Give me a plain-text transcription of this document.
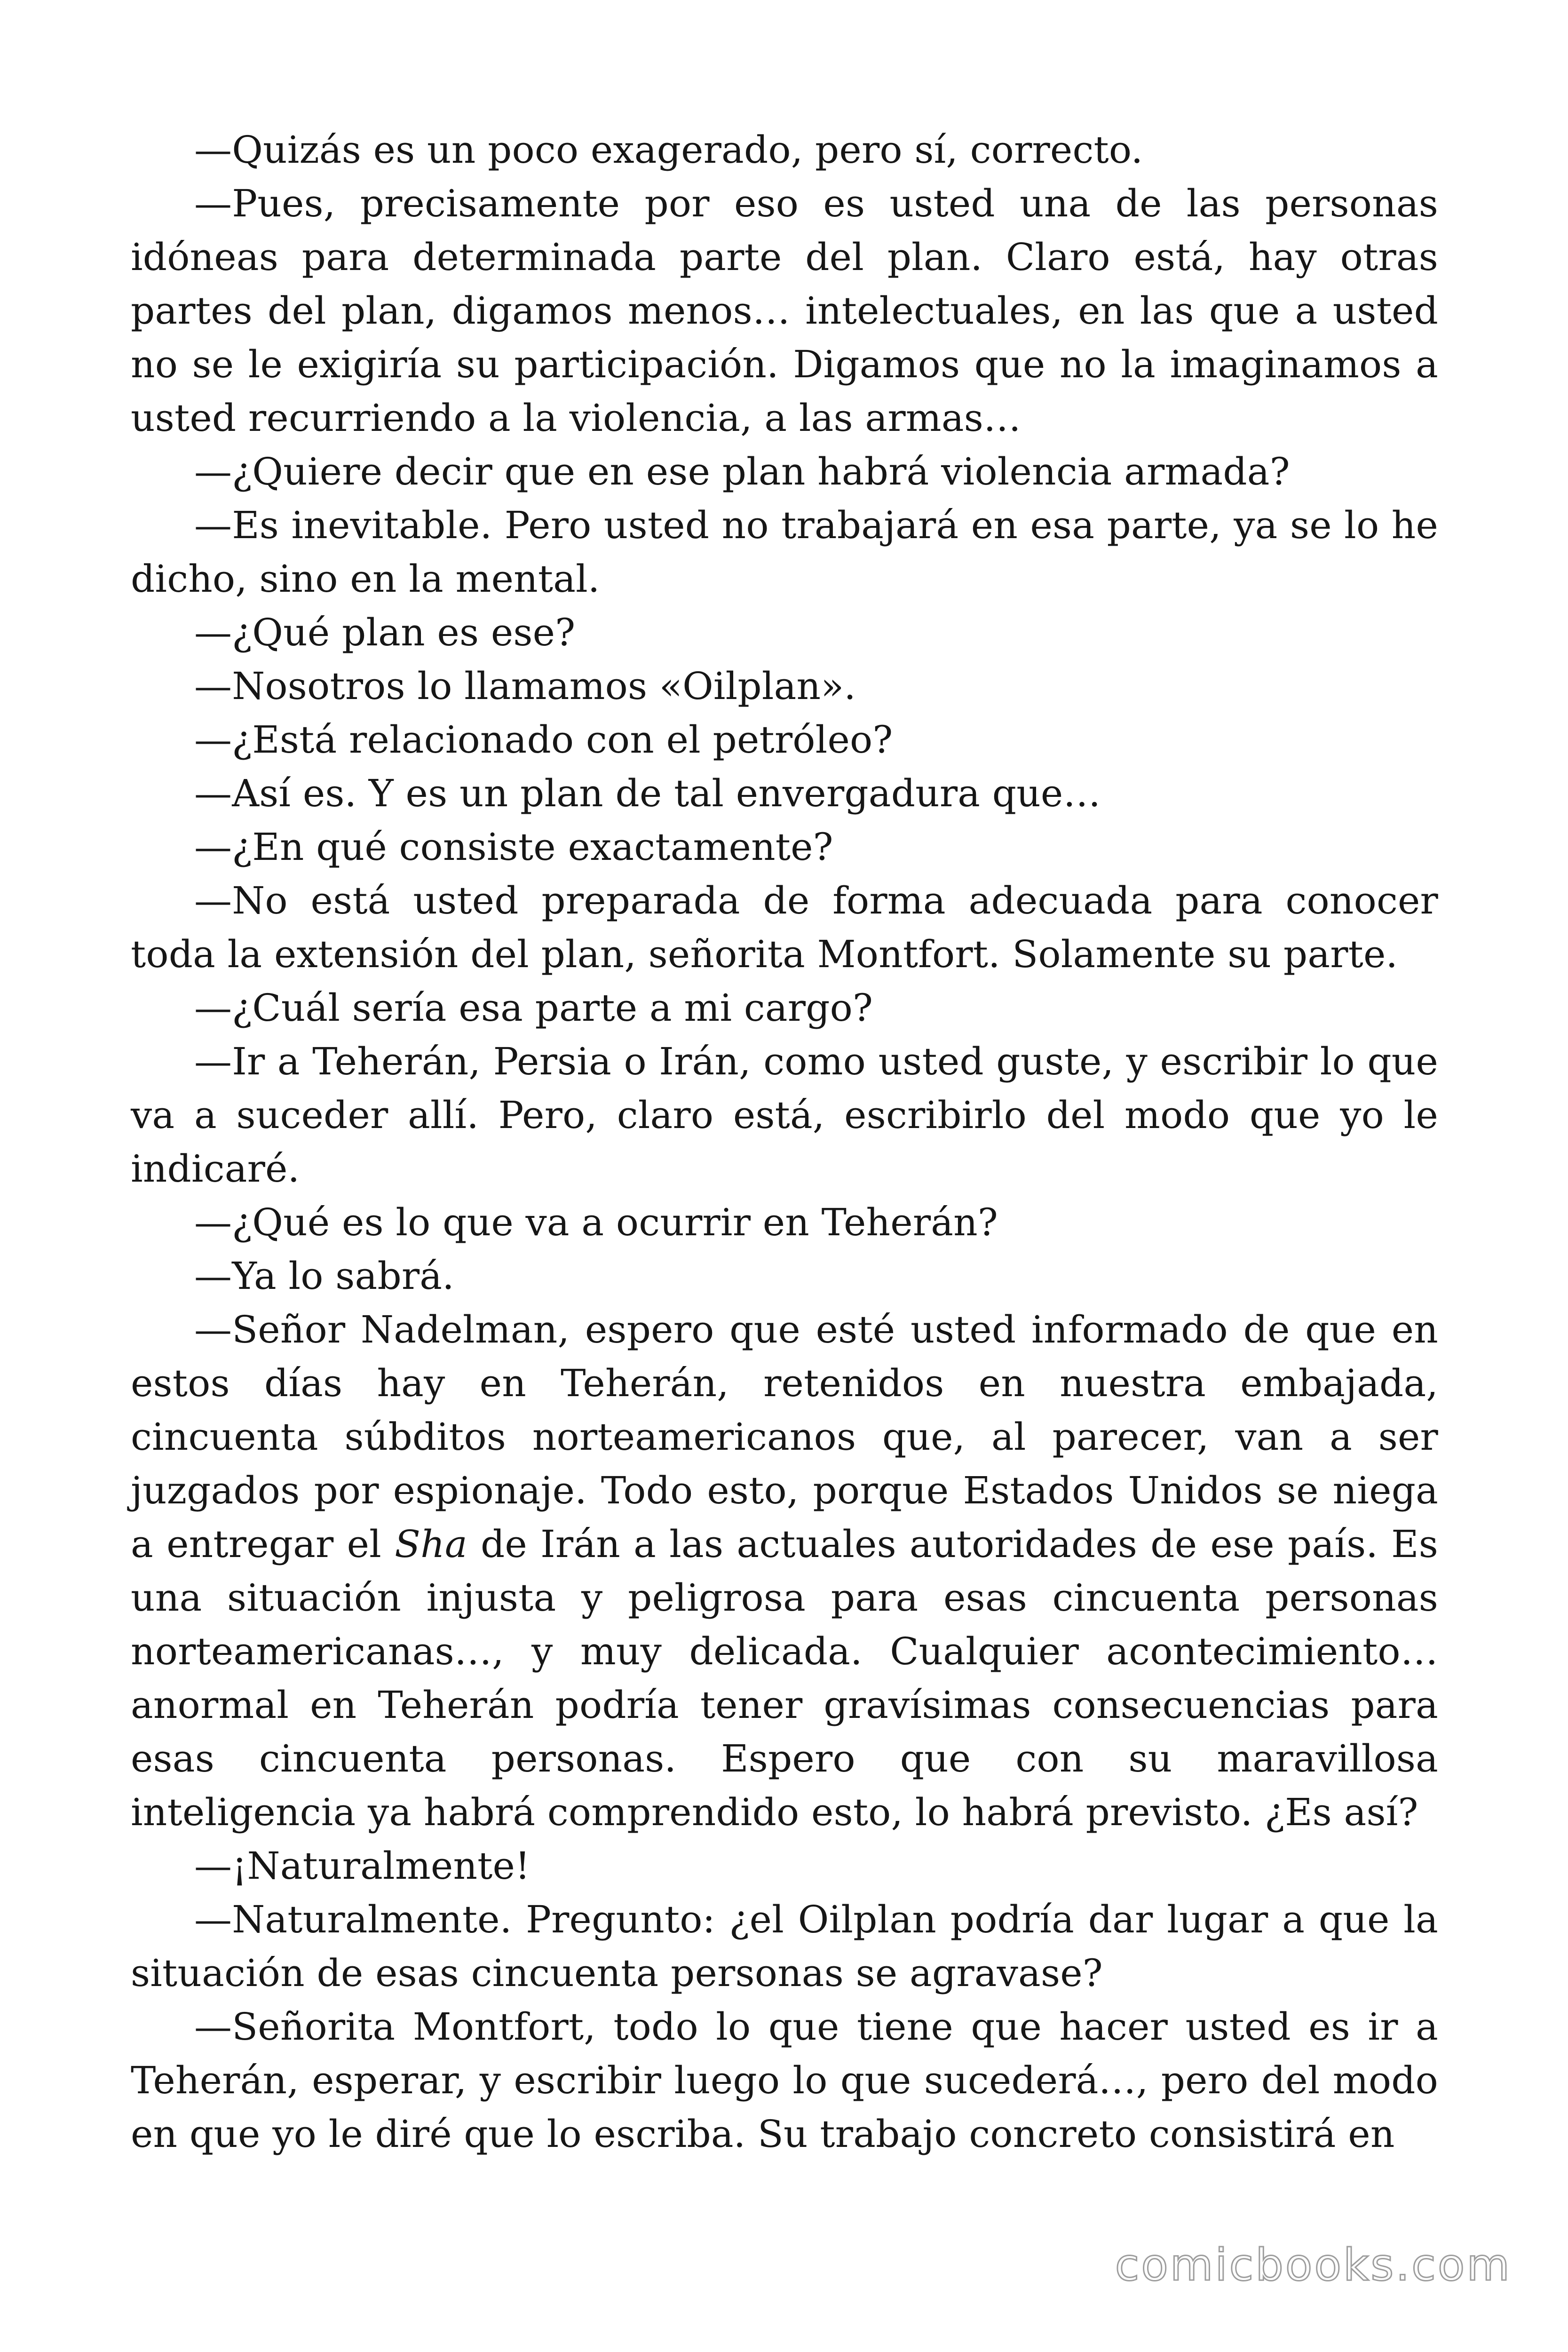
—Quizás es un poco exagerado, pero sí, correcto.

—Pues, precisamente por eso es usted una de las personas idóneas para determinada parte del plan. Claro está, hay otras partes del plan, digamos menos… intelectuales, en las que a usted no se le exigiría su participación. Digamos que no la imaginamos a usted recurriendo a la violencia, a las armas…

—¿Quiere decir que en ese plan habrá violencia armada?

—Es inevitable. Pero usted no trabajará en esa parte, ya se lo he dicho, sino en la mental.

—¿Qué plan es ese?

—Nosotros lo llamamos «Oilplan».

—¿Está relacionado con el petróleo?

—Así es. Y es un plan de tal envergadura que…

—¿En qué consiste exactamente?

—No está usted preparada de forma adecuada para conocer toda la extensión del plan, señorita Montfort. Solamente su parte.

—¿Cuál sería esa parte a mi cargo?

—Ir a Teherán, Persia o Irán, como usted guste, y escribir lo que va a suceder allí. Pero, claro está, escribirlo del modo que yo le indicaré.

—¿Qué es lo que va a ocurrir en Teherán?

—Ya lo sabrá.

—Señor Nadelman, espero que esté usted informado de que en estos días hay en Teherán, retenidos en nuestra embajada, cincuenta súbditos norteamericanos que, al parecer, van a ser juzgados por espionaje. Todo esto, porque Estados Unidos se niega a entregar el Sha de Irán a las actuales autoridades de ese país. Es una situación injusta y peligrosa para esas cincuenta personas norteamericanas…, y muy delicada. Cualquier acontecimiento… anormal en Teherán podría tener gravísimas consecuencias para esas cincuenta personas. Espero que con su maravillosa inteligencia ya habrá comprendido esto, lo habrá previsto. ¿Es así?

—¡Naturalmente!

—Naturalmente. Pregunto: ¿el Oilplan podría dar lugar a que la situación de esas cincuenta personas se agravase?

—Señorita Montfort, todo lo que tiene que hacer usted es ir a Teherán, esperar, y escribir luego lo que sucederá…, pero del modo en que yo le diré que lo escriba. Su trabajo concreto consistirá en

comicbooks.com
